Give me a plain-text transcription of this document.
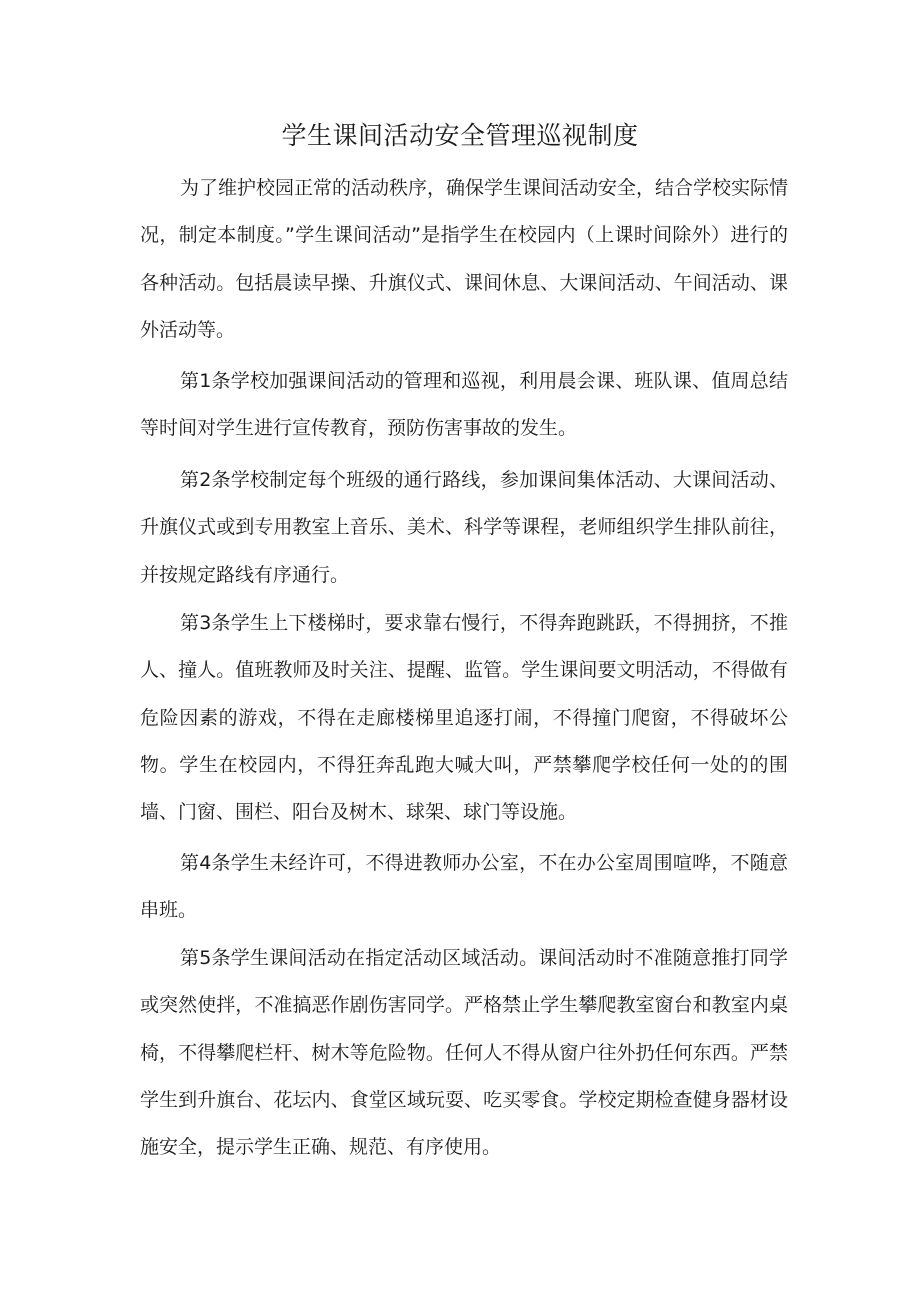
学生课间活动安全管理巡视制度

为了维护校园正常的活动秩序，确保学生课间活动安全，结合学校实际情况，制定本制度。”学生课间活动”是指学生在校园内（上课时间除外）进行的各种活动。包括晨读早操、升旗仪式、课间休息、大课间活动、午间活动、课外活动等。

第1条学校加强课间活动的管理和巡视，利用晨会课、班队课、值周总结等时间对学生进行宣传教育，预防伤害事故的发生。

第2条学校制定每个班级的通行路线，参加课间集体活动、大课间活动、升旗仪式或到专用教室上音乐、美术、科学等课程，老师组织学生排队前往，并按规定路线有序通行。

第3条学生上下楼梯时，要求靠右慢行，不得奔跑跳跃，不得拥挤，不推人、撞人。值班教师及时关注、提醒、监管。学生课间要文明活动，不得做有危险因素的游戏，不得在走廊楼梯里追逐打闹，不得撞门爬窗，不得破坏公物。学生在校园内，不得狂奔乱跑大喊大叫，严禁攀爬学校任何一处的的围墙、门窗、围栏、阳台及树木、球架、球门等设施。

第4条学生未经许可，不得进教师办公室，不在办公室周围喧哗，不随意串班。

第5条学生课间活动在指定活动区域活动。课间活动时不准随意推打同学或突然使拌，不准搞恶作剧伤害同学。严格禁止学生攀爬教室窗台和教室内桌椅，不得攀爬栏杆、树木等危险物。任何人不得从窗户往外扔任何东西。严禁学生到升旗台、花坛内、食堂区域玩耍、吃买零食。学校定期检查健身器材设施安全，提示学生正确、规范、有序使用。
